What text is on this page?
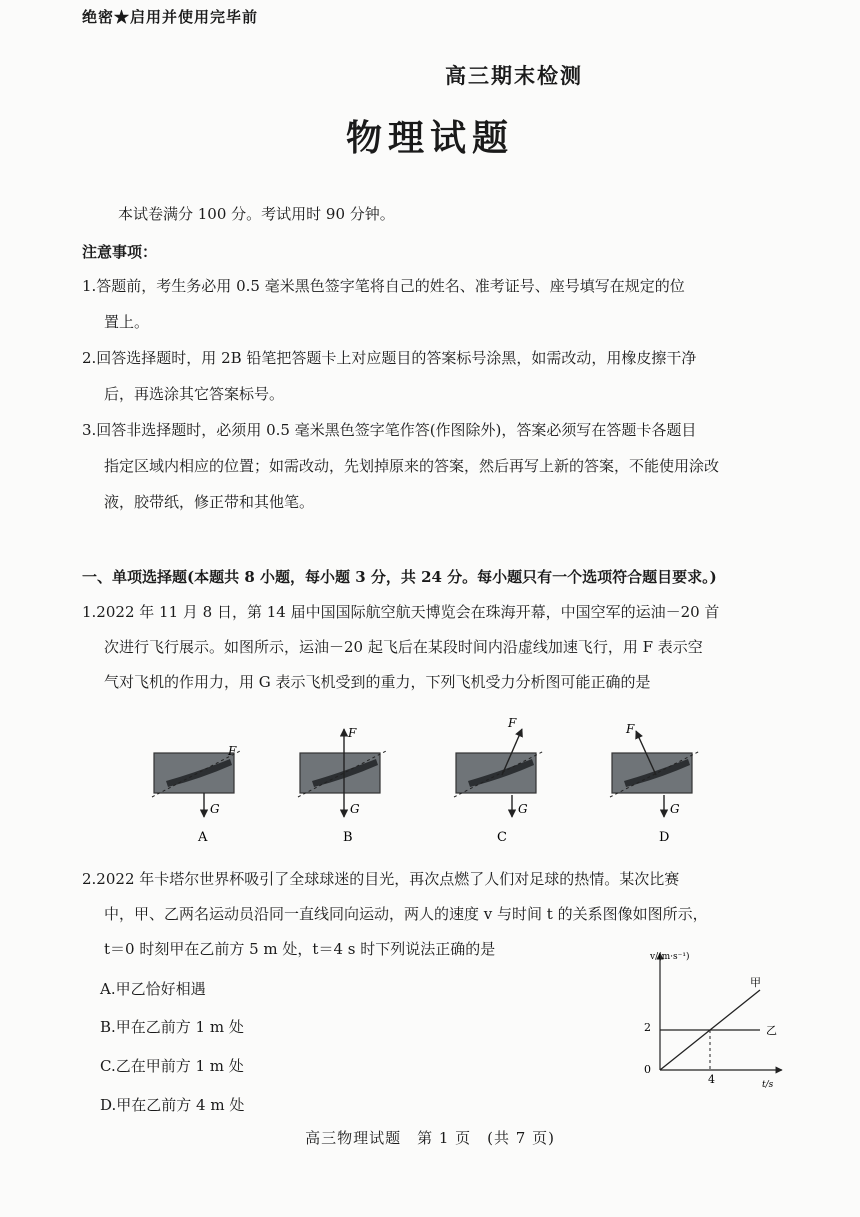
绝密★启用并使用完毕前
高三期末检测
物理试题
本试卷满分 100 分。考试用时 90 分钟。
注意事项：
1.答题前，考生务必用 0.5 毫米黑色签字笔将自己的姓名、准考证号、座号填写在规定的位
置上。
2.回答选择题时，用 2B 铅笔把答题卡上对应题目的答案标号涂黑，如需改动，用橡皮擦干净
后，再选涂其它答案标号。
3.回答非选择题时，必须用 0.5 毫米黑色签字笔作答(作图除外)，答案必须写在答题卡各题目
指定区域内相应的位置；如需改动，先划掉原来的答案，然后再写上新的答案，不能使用涂改
液，胶带纸，修正带和其他笔。
一、单项选择题(本题共 8 小题，每小题 3 分，共 24 分。每小题只有一个选项符合题目要求。)
1.2022 年 11 月 8 日，第 14 届中国国际航空航天博览会在珠海开幕，中国空军的运油－20 首
次进行飞行展示。如图所示，运油－20 起飞后在某段时间内沿虚线加速飞行，用 F 表示空
气对飞机的作用力，用 G 表示飞机受到的重力，下列飞机受力分析图可能正确的是
G
F
A
F
G
B
F
G
C
F
G
D
2.2022 年卡塔尔世界杯吸引了全球球迷的目光，再次点燃了人们对足球的热情。某次比赛
中，甲、乙两名运动员沿同一直线同向运动，两人的速度 v 与时间 t 的关系图像如图所示，
t＝0 时刻甲在乙前方 5 m 处，t＝4 s 时下列说法正确的是
A.甲乙恰好相遇
B.甲在乙前方 1 m 处
C.乙在甲前方 1 m 处
D.甲在乙前方 4 m 处
v/(m·s⁻¹)
t/s
0
2
4
甲
乙
高三物理试题　第 1 页　(共 7 页)
